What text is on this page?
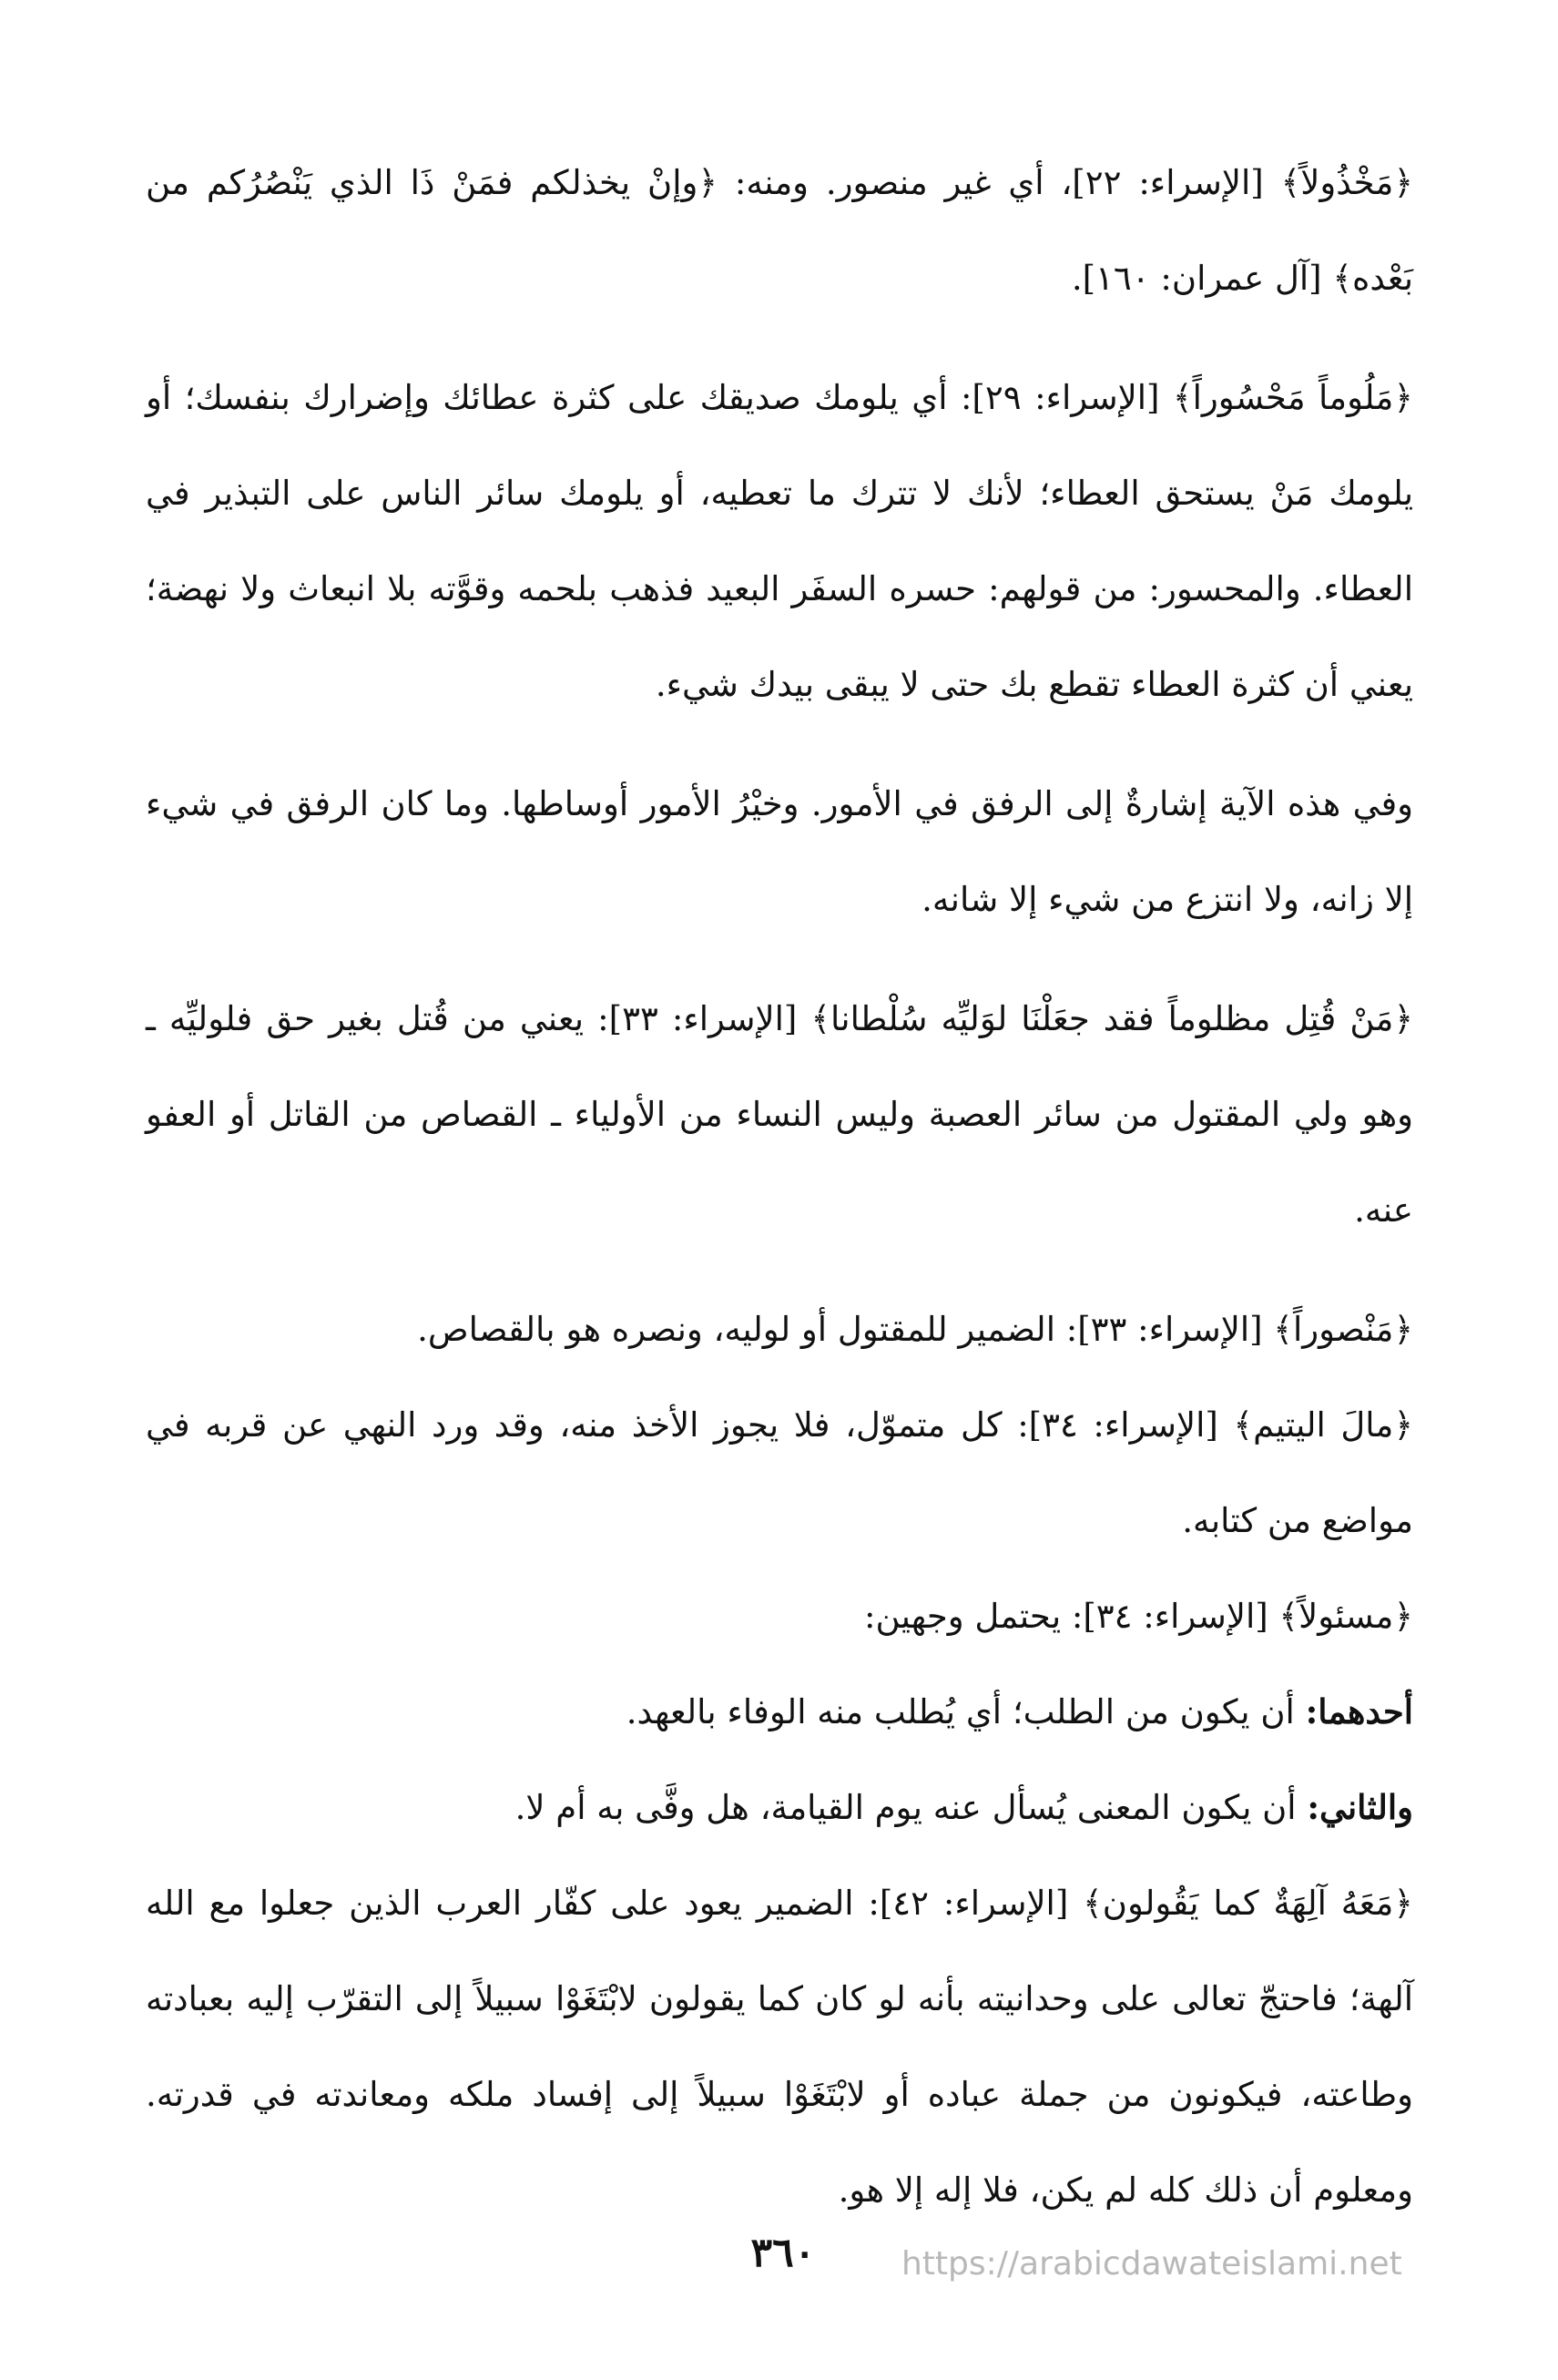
﴿مَخْذُولاً﴾ [الإسراء: ٢٢]، أي غير منصور. ومنه: ﴿وإنْ يخذلكم فمَنْ ذَا الذي يَنْصُرُكم من بَعْده﴾ [آل عمران: ١٦٠].

﴿مَلُوماً مَحْسُوراً﴾ [الإسراء: ٢٩]: أي يلومك صديقك على كثرة عطائك وإضرارك بنفسك؛ أو يلومك مَنْ يستحق العطاء؛ لأنك لا تترك ما تعطيه، أو يلومك سائر الناس على التبذير في العطاء. والمحسور: من قولهم: حسره السفَر البعيد فذهب بلحمه وقوَّته بلا انبعاث ولا نهضة؛ يعني أن كثرة العطاء تقطع بك حتى لا يبقى بيدك شيء.

وفي هذه الآية إشارةٌ إلى الرفق في الأمور. وخيْرُ الأمور أوساطها. وما كان الرفق في شيء إلا زانه، ولا انتزع من شيء إلا شانه.

﴿مَنْ قُتِل مظلوماً فقد جعَلْنَا لوَليِّه سُلْطانا﴾ [الإسراء: ٣٣]: يعني من قُتل بغير حق فلوليِّه ـ وهو ولي المقتول من سائر العصبة وليس النساء من الأولياء ـ القصاص من القاتل أو العفو عنه.

﴿مَنْصوراً﴾ [الإسراء: ٣٣]: الضمير للمقتول أو لوليه، ونصره هو بالقصاص.

﴿مالَ اليتيم﴾ [الإسراء: ٣٤]: كل متموّل، فلا يجوز الأخذ منه، وقد ورد النهي عن قربه في مواضع من كتابه.

﴿مسئولاً﴾ [الإسراء: ٣٤]: يحتمل وجهين:

أحدهما: أن يكون من الطلب؛ أي يُطلب منه الوفاء بالعهد.

والثاني: أن يكون المعنى يُسأل عنه يوم القيامة، هل وفَّى به أم لا.

﴿مَعَهُ آلِهَةٌ كما يَقُولون﴾ [الإسراء: ٤٢]: الضمير يعود على كفّار العرب الذين جعلوا مع الله آلهة؛ فاحتجّ تعالى على وحدانيته بأنه لو كان كما يقولون لابْتَغَوْا سبيلاً إلى التقرّب إليه بعبادته وطاعته، فيكونون من جملة عباده أو لابْتَغَوْا سبيلاً إلى إفساد ملكه ومعاندته في قدرته. ومعلوم أن ذلك كله لم يكن، فلا إله إلا هو.

٣٦٠	https://arabicdawateislami.net
